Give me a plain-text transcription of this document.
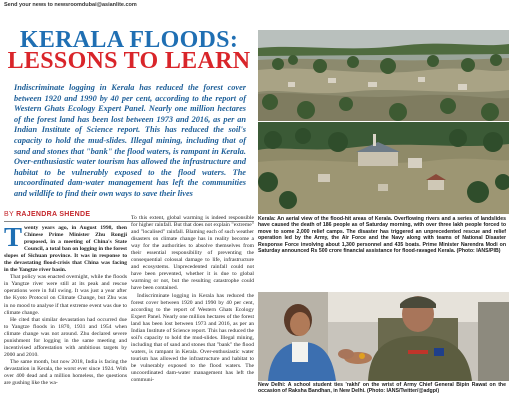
Send your news to newsroomdubai@asianlite.com
KERALA FLOODS:
LESSONS TO LEARN

Indiscriminate logging in Kerala has reduced the forest cover between 1920 and 1990 by 40 per cent, according to the report of Western Ghats Ecology Expert Panel. Nearly one million hectares of the forest land has been lost between 1973 and 2016, as per an Indian Institute of Science report. This has reduced the soil's capacity to hold the mud-slides. Illegal mining, including that of sand and stones that "bank" the flood waters, is rampant in Kerala. Over-enthusiastic water tourism has allowed the infrastructure and habitat to be vulnerably exposed to the flood waters. The uncoordinated dam-water management has left the communities and wildlife to find their own ways to save their lives

BY RAJENDRA SHENDE

Twenty years ago, in August 1998, then Chinese Prime Minister Zhu Rongji proposed, in a meeting of China's State Council, a total ban on logging in the forest slopes of Sichuan province. It was in response to the devastating flood-crisis that China was facing in the Yangtze river basin.

That policy was enacted overnight, while the floods in Yangtze river were still at its peak and rescue operations were in full swing. It was just a year after the Kyoto Protocol on Climate Change, but Zhu was in no mood to analyse if that extreme event was due to climate change.

He cited that similar devastation had occurred due to Yangtze floods in 1870, 1931 and 1954 when climate change was not around. Zhu declared severe punishment for logging in the same meeting and incentivised afforestation with ambitious targets by 2000 and 2010.

The same month, but now 2018, India is facing the devastation in Kerala, the worst ever since 1924. With over 400 dead and a million homeless, the questions are gushing like the wa-

To this extent, global warming is indeed responsible for higher rainfall. But that does not explain "extreme" and "localised" rainfall. Blaming each of such weather disasters on climate change has in reality become a way for the authorities to absolve themselves from their essential responsibility of preventing the consequential colossal damage to life, infrastructure and ecosystems. Unprecedented rainfall could not have been prevented, whether it is due to global warming or not, but the resulting catastrophe could have been contained.

Indiscriminate logging in Kerala has reduced the forest cover between 1920 and 1990 by 40 per cent, according to the report of Western Ghats Ecology Expert Panel. Nearly one million hectares of the forest land has been lost between 1973 and 2016, as per an Indian Institute of Science report. This has reduced the soil's capacity to hold the mud-slides. Illegal mining, including that of sand and stones that "bank" the flood waters, is rampant in Kerala. Over-enthusiastic water tourism has allowed the infrastructure and habitat to be vulnerably exposed to the flood waters. The uncoordinated dam-water management has left the communi-

Kerala: An aerial view of the flood-hit areas of Kerala. Overflowing rivers and a series of landslides have caused the death of 186 people as of Saturday morning, with over three lakh people forced to move to some 2,000 relief camps. The disaster has triggered an unprecedented rescue and relief operation led by the Army, the Air Force and the Navy along with teams of National Disaster Response Force involving about 1,300 personnel and 435 boats. Prime Minister Narendra Modi on Saturday announced Rs 500 crore financial assistance for flood-ravaged Kerala. (Photo: IANS/PIB)

New Delhi: A school student ties 'rakhi' on the wrist of Army Chief General Bipin Rawat on the occasion of Raksha Bandhan, in New Delhi. (Photo: IANS/Twitter/@adgpi)
